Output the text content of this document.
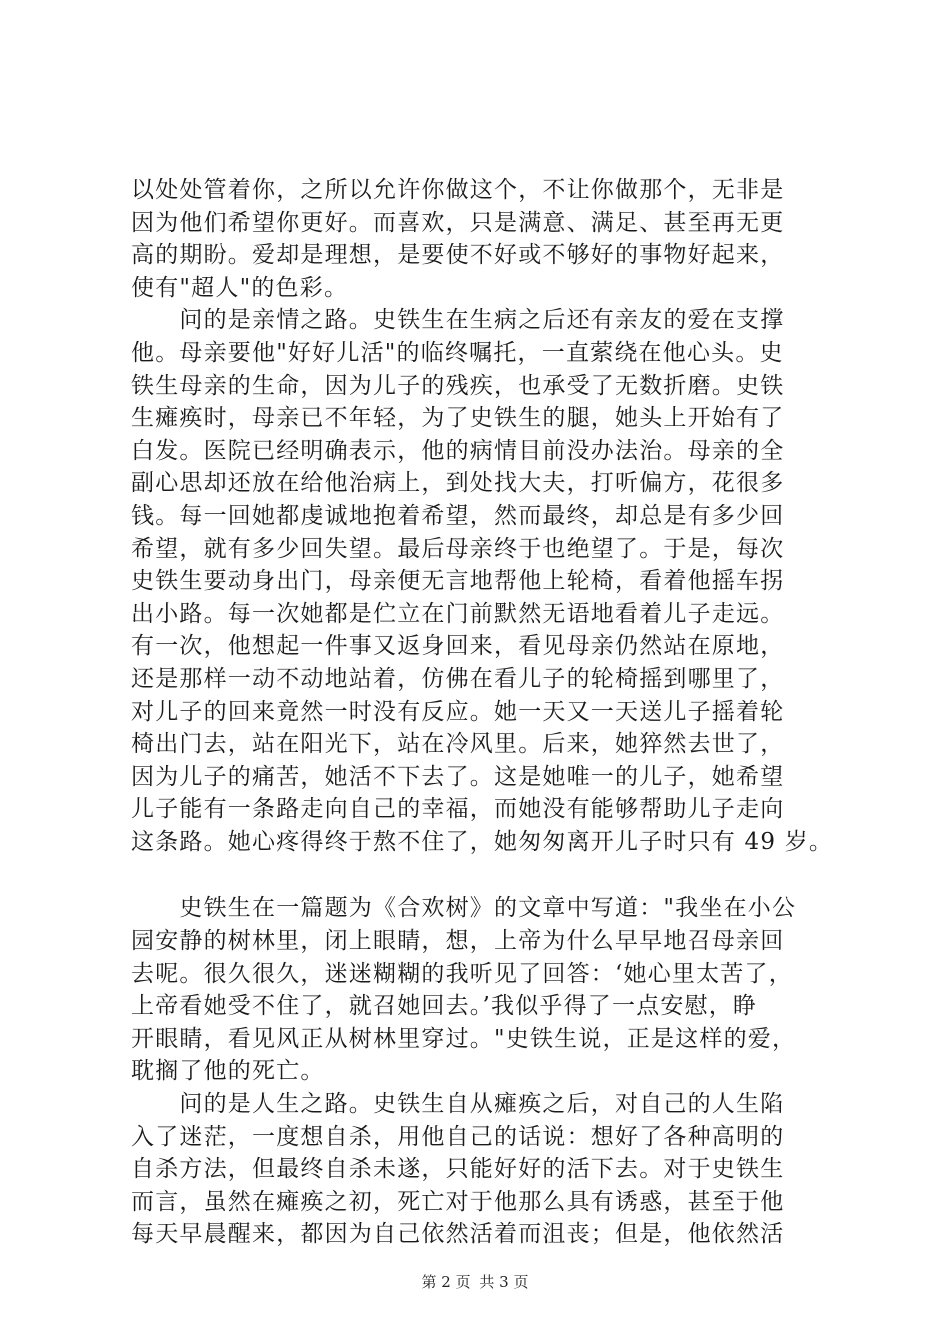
以处处管着你，之所以允许你做这个，不让你做那个，无非是
因为他们希望你更好。而喜欢，只是满意、满足、甚至再无更
高的期盼。爱却是理想，是要使不好或不够好的事物好起来，
使有"超人"的色彩。
　　问的是亲情之路。史铁生在生病之后还有亲友的爱在支撑
他。母亲要他"好好儿活"的临终嘱托，一直萦绕在他心头。史
铁生母亲的生命，因为儿子的残疾，也承受了无数折磨。史铁
生瘫痪时，母亲已不年轻，为了史铁生的腿，她头上开始有了
白发。医院已经明确表示，他的病情目前没办法治。母亲的全
副心思却还放在给他治病上，到处找大夫，打听偏方，花很多
钱。每一回她都虔诚地抱着希望，然而最终，却总是有多少回
希望，就有多少回失望。最后母亲终于也绝望了。于是，每次
史铁生要动身出门，母亲便无言地帮他上轮椅，看着他摇车拐
出小路。每一次她都是伫立在门前默然无语地看着儿子走远。
有一次，他想起一件事又返身回来，看见母亲仍然站在原地，
还是那样一动不动地站着，仿佛在看儿子的轮椅摇到哪里了，
对儿子的回来竟然一时没有反应。她一天又一天送儿子摇着轮
椅出门去，站在阳光下，站在冷风里。后来，她猝然去世了，
因为儿子的痛苦，她活不下去了。这是她唯一的儿子，她希望
儿子能有一条路走向自己的幸福，而她没有能够帮助儿子走向
这条路。她心疼得终于熬不住了，她匆匆离开儿子时只有 49 岁。
　　史铁生在一篇题为《合欢树》的文章中写道："我坐在小公
园安静的树林里，闭上眼睛，想，上帝为什么早早地召母亲回
去呢。很久很久，迷迷糊糊的我听见了回答：‘她心里太苦了，
上帝看她受不住了，就召她回去。’我似乎得了一点安慰，睁
开眼睛，看见风正从树林里穿过。"史铁生说，正是这样的爱，
耽搁了他的死亡。
　　问的是人生之路。史铁生自从瘫痪之后，对自己的人生陷
入了迷茫，一度想自杀，用他自己的话说：想好了各种高明的
自杀方法，但最终自杀未遂，只能好好的活下去。对于史铁生
而言，虽然在瘫痪之初，死亡对于他那么具有诱惑，甚至于他
每天早晨醒来，都因为自己依然活着而沮丧；但是，他依然活
第 2 页 共 3 页
